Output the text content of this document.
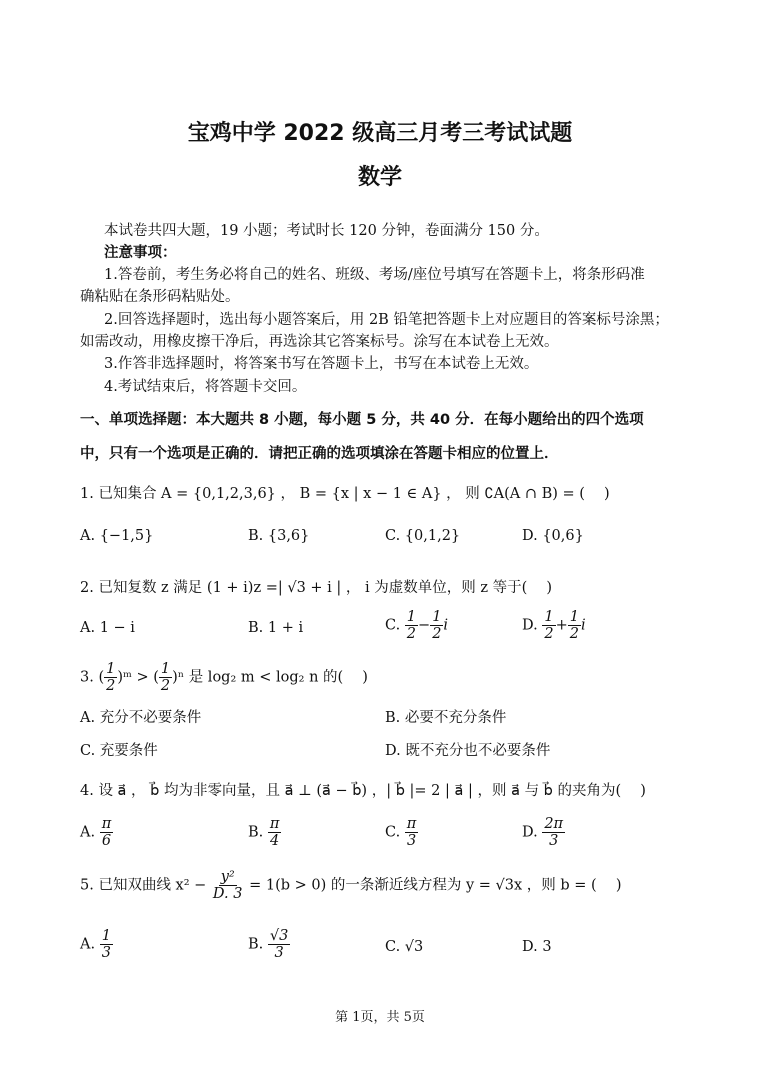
宝鸡中学 2022 级高三月考三考试试题
数学
本试卷共四大题，19 小题；考试时长 120 分钟，卷面满分 150 分。
注意事项：
1.答卷前，考生务必将自己的姓名、班级、考场/座位号填写在答题卡上，将条形码准
确粘贴在条形码粘贴处。
2.回答选择题时，选出每小题答案后，用 2B 铅笔把答题卡上对应题目的答案标号涂黑；
如需改动，用橡皮擦干净后，再选涂其它答案标号。涂写在本试卷上无效。
3.作答非选择题时，将答案书写在答题卡上，书写在本试卷上无效。
4.考试结束后，将答题卡交回。
一、单项选择题：本大题共 8 小题，每小题 5 分，共 40 分．在每小题给出的四个选项
中，只有一个选项是正确的．请把正确的选项填涂在答题卡相应的位置上．
1. 已知集合 A = {0,1,2,3,6} ， B = {x | x − 1 ∈ A} ， 则 ∁A(A ∩ B) = (　 )
A. {−1,5}	B. {3,6}	C. {0,1,2}	D. {0,6}
2. 已知复数 z 满足 (1 + i)z =| √3 + i | ， i 为虚数单位，则 z 等于(　 )
A. 1 − i	B. 1 + i	C. $\frac{1}{2} - \frac{1}{2}$ i	D. $\frac{1}{2} + \frac{1}{2}$ i
3. ( $\frac{1}{2}$ )ᵐ > ( $\frac{1}{2} )^n$ 是 log₂ m < log₂ n 的(　 )
A. 充分不必要条件	B. 必要不充分条件
C. 充要条件	D. 既不充分也不必要条件
4. 设 a⃗ ， b⃗ 均为非零向量，且 a⃗ ⊥ (a⃗ − b⃗) ，| b⃗ |= 2 | a⃗ | ，则 a⃗ 与 b⃗ 的夹角为(　 )
A. $\frac{\pi}{6}$	B. $\frac{\pi}{4}$	C. $\frac{\pi}{3}$	D. $\frac{2\pi}{3}$
5. 已知双曲线 $x^2 - \frac{\text{y²}}{D. 3} = 1(b > 0)$ 的一条渐近线方程为 y = √3x ，则 b = (　 )
A. $\frac{1}{3}$	B. $\frac{√3}{3}$	C. √3	D. 3
第 1页，共 5页
